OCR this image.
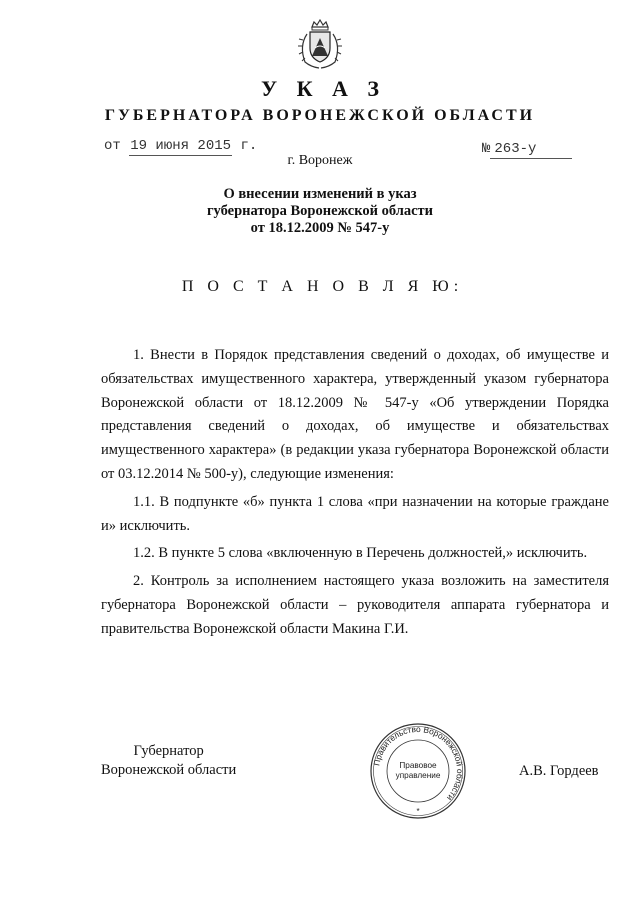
У К А З
ГУБЕРНАТОРА ВОРОНЕЖСКОЙ ОБЛАСТИ
от 19 июня 2015 г.	№ 263-у
г. Воронеж
О внесении изменений в указ
губернатора Воронежской области
от 18.12.2009 № 547-у
П О С Т А Н О В Л Я Ю:

1. Внести в Порядок представления сведений о доходах, об имуществе и обязательствах имущественного характера, утвержденный указом губернатора Воронежской области от 18.12.2009 № 547-у «Об утверждении Порядка представления сведений о доходах, об имуществе и обязательствах имущественного характера» (в редакции указа губернатора Воронежской области от 03.12.2014 № 500-у), следующие изменения:

1.1. В подпункте «б» пункта 1 слова «при назначении на которые граждане и» исключить.

1.2. В пункте 5 слова «включенную в Перечень должностей,» исключить.

2. Контроль за исполнением настоящего указа возложить на заместителя губернатора Воронежской области – руководителя аппарата губернатора и правительства Воронежской области Макина Г.И.

Губернатор
Воронежской области	Правительство Воронежской области
Правовое
управление
*
А.В. Гордеев
